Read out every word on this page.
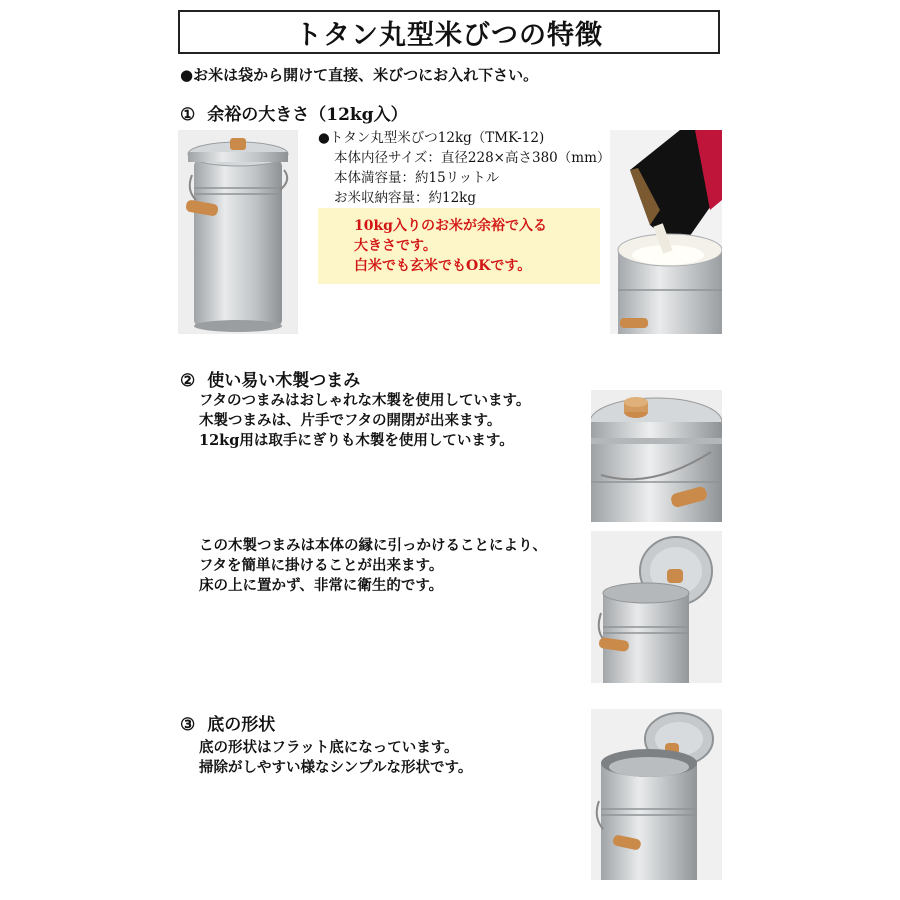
トタン丸型米びつの特徴
●お米は袋から開けて直接、米びつにお入れ下さい。
① 余裕の大きさ（12kg入）
●トタン丸型米びつ12kg（TMK-12)
本体内径サイズ：直径228×高さ380（mm）
本体満容量：約15リットル
お米収納容量：約12kg
10kg入りのお米が余裕で入る
大きさです。
白米でも玄米でもOKです。
② 使い易い木製つまみ
フタのつまみはおしゃれな木製を使用しています。
木製つまみは、片手でフタの開閉が出来ます。
12kg用は取手にぎりも木製を使用しています。
この木製つまみは本体の縁に引っかけることにより、
フタを簡単に掛けることが出来ます。
床の上に置かず、非常に衛生的です。
③ 底の形状
底の形状はフラット底になっています。
掃除がしやすい様なシンプルな形状です。
